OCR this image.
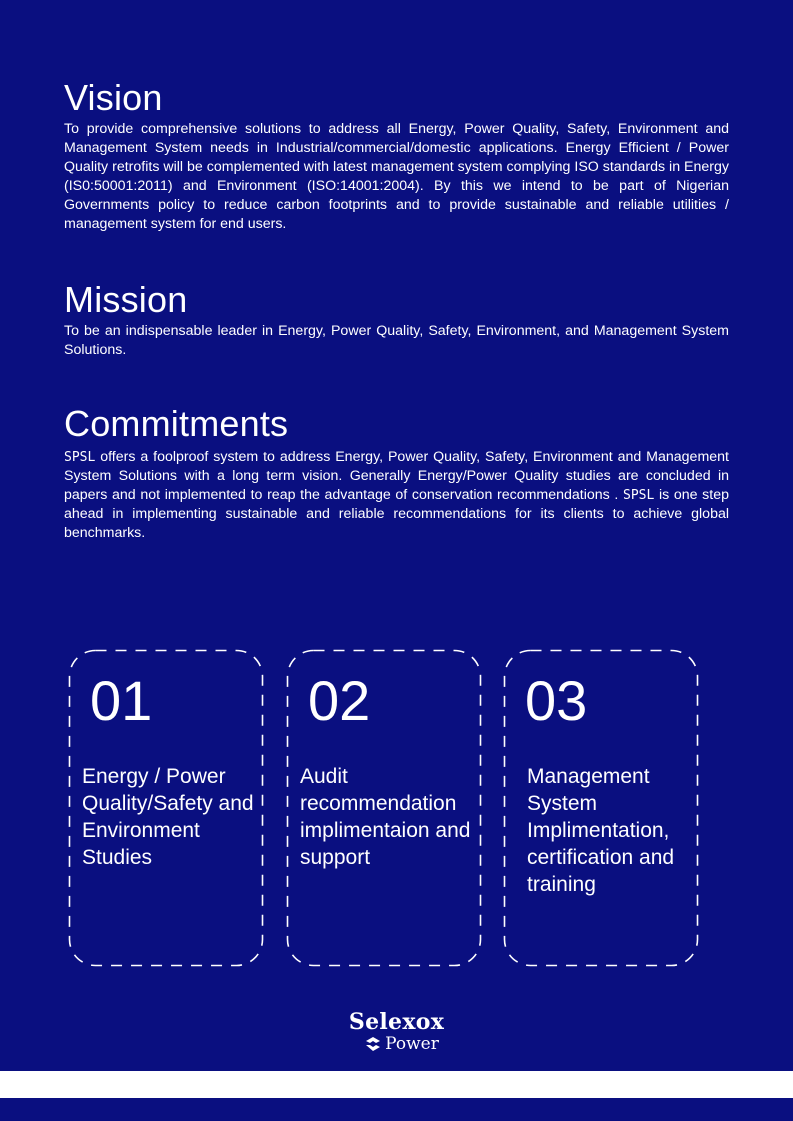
Vision

To provide comprehensive solutions to address all Energy, Power Quality, Safety, Environment and Management System needs in Industrial/commercial/domestic applications. Energy Efficient / Power Quality retrofits will be complemented with latest management system complying ISO standards in Energy (IS0:50001:2011) and Environment (ISO:14001:2004). By this we intend to be part of Nigerian Governments policy to reduce carbon footprints and to provide sustainable and reliable utilities / management system for end users.

Mission

To be an indispensable leader in Energy, Power Quality, Safety, Environment, and Management System Solutions.

Commitments

SPSL offers a foolproof system to address Energy, Power Quality, Safety, Environment and Management System Solutions with a long term vision. Generally Energy/Power Quality studies are concluded in papers and not implemented to reap the advantage of conservation recommendations . SPSL is one step ahead in implementing sustainable and reliable recommendations for its clients to achieve global benchmarks.

01
Energy / Power Quality/Safety and Environment Studies
02
Audit recommendation implimentaion and support
03
Management System Implimentation, certification and training
Selexox
Power
